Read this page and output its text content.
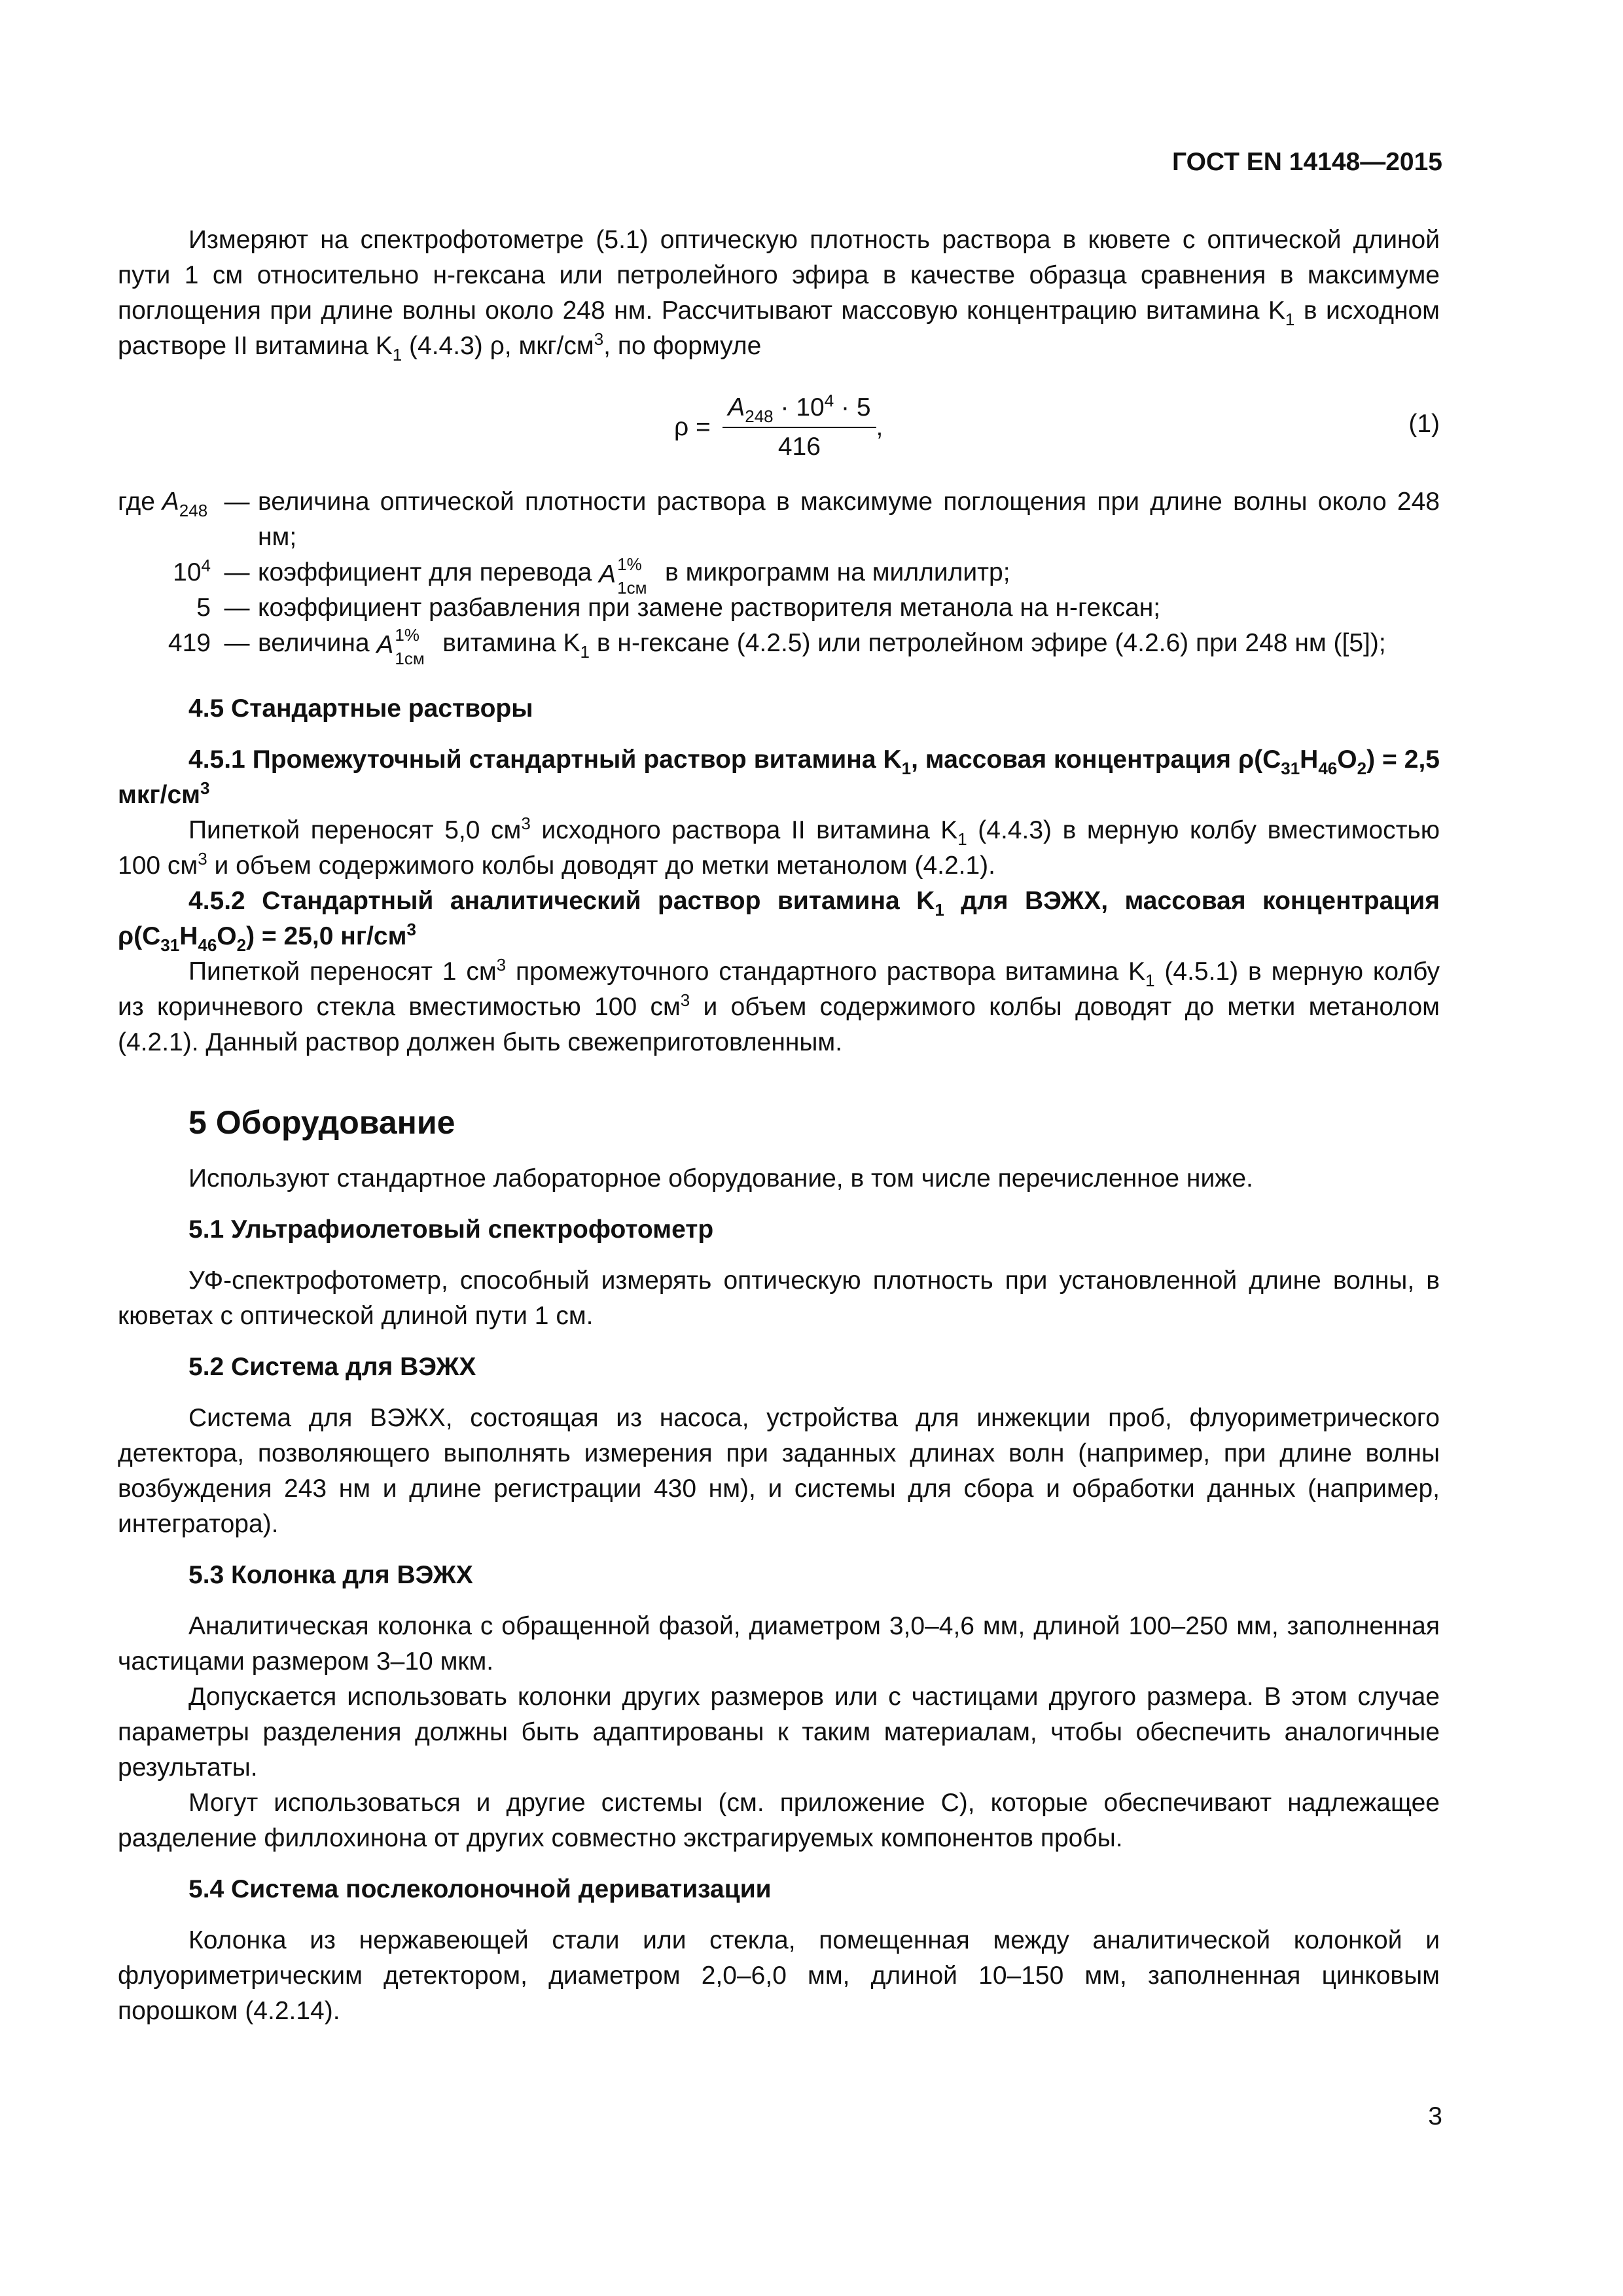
ГОСТ EN 14148—2015

Измеряют на спектрофотометре (5.1) оптическую плотность раствора в кювете с оптической длиной пути 1 см относительно н-гексана или петролейного эфира в качестве образца сравнения в максимуме поглощения при длине волны около 248 нм. Рассчитывают массовую концентрацию витамина $K_1$ в исходном растворе II витамина $K_1$ (4.4.3) ρ, мкг/$см^3$, по формуле

$\rho = \frac{A_{248} \cdot 10^4 \cdot 5}{416}$ ,	(1)
где $A_{248}$ — величина оптической плотности раствора в максимуме поглощения при длине волны около 248 нм;
$10^4$ — коэффициент для перевода A 1%
1см
в микрограмм на миллилитр;
5 — коэффициент разбавления при замене растворителя метанола на н-гексан;
419 — величина A 1%
1см
витамина $K_1$ в н-гексане (4.2.5) или петролейном эфире (4.2.6) при 248 нм ([5]);
4.5 Стандартные растворы
4.5.1 Промежуточный стандартный раствор витамина $K_1$, массовая концентрация $\rho(C_{31}H_{46}O_2) = 2,5$ мкг/$см^3$

Пипеткой переносят 5,0 $см^3$ исходного раствора II витамина $K_1$ (4.4.3) в мерную колбу вместимостью 100 $см^3$ и объем содержимого колбы доводят до метки метанолом (4.2.1).

4.5.2 Стандартный аналитический раствор витамина $K_1$ для ВЭЖХ, массовая концентрация $\rho(C_{31}H_{46}O_2) = 25,0$ $нг/см^3$

Пипеткой переносят 1 $см^3$ промежуточного стандартного раствора витамина $K_1$ (4.5.1) в мерную колбу из коричневого стекла вместимостью 100 $см^3$ и объем содержимого колбы доводят до метки метанолом (4.2.1). Данный раствор должен быть свежеприготовленным.

5 Оборудование

Используют стандартное лабораторное оборудование, в том числе перечисленное ниже.

5.1 Ультрафиолетовый спектрофотометр

УФ-спектрофотометр, способный измерять оптическую плотность при установленной длине волны, в кюветах с оптической длиной пути 1 см.

5.2 Система для ВЭЖХ

Система для ВЭЖХ, состоящая из насоса, устройства для инжекции проб, флуориметрического детектора, позволяющего выполнять измерения при заданных длинах волн (например, при длине волны возбуждения 243 нм и длине регистрации 430 нм), и системы для сбора и обработки данных (например, интегратора).

5.3 Колонка для ВЭЖХ

Аналитическая колонка с обращенной фазой, диаметром 3,0–4,6 мм, длиной 100–250 мм, заполненная частицами размером 3–10 мкм.

Допускается использовать колонки других размеров или с частицами другого размера. В этом случае параметры разделения должны быть адаптированы к таким материалам, чтобы обеспечить аналогичные результаты.

Могут использоваться и другие системы (см. приложение С), которые обеспечивают надлежащее разделение филлохинона от других совместно экстрагируемых компонентов пробы.

5.4 Система послеколоночной дериватизации

Колонка из нержавеющей стали или стекла, помещенная между аналитической колонкой и флуориметрическим детектором, диаметром 2,0–6,0 мм, длиной 10–150 мм, заполненная цинковым порошком (4.2.14).

3
